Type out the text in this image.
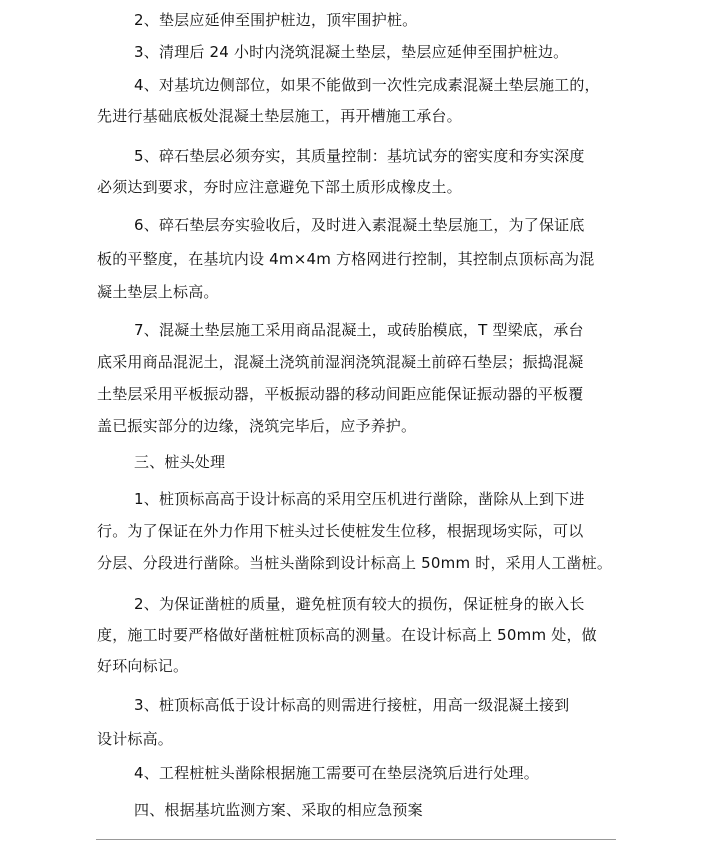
2、垫层应延伸至围护桩边，顶牢围护桩。
3、清理后 24 小时内浇筑混凝土垫层，垫层应延伸至围护桩边。
4、对基坑边侧部位，如果不能做到一次性完成素混凝土垫层施工的，
先进行基础底板处混凝土垫层施工，再开槽施工承台。
5、碎石垫层必须夯实，其质量控制：基坑试夯的密实度和夯实深度
必须达到要求，夯时应注意避免下部土质形成橡皮土。
6、碎石垫层夯实验收后，及时进入素混凝土垫层施工，为了保证底
板的平整度，在基坑内设 4m×4m 方格网进行控制，其控制点顶标高为混
凝土垫层上标高。
7、混凝土垫层施工采用商品混凝土，或砖胎模底，T 型梁底，承台
底采用商品混泥土，混凝土浇筑前湿润浇筑混凝土前碎石垫层；振捣混凝
土垫层采用平板振动器，平板振动器的移动间距应能保证振动器的平板覆
盖已振实部分的边缘，浇筑完毕后，应予养护。
三、桩头处理
1、桩顶标高高于设计标高的采用空压机进行凿除，凿除从上到下进
行。为了保证在外力作用下桩头过长使桩发生位移，根据现场实际，可以
分层、分段进行凿除。当桩头凿除到设计标高上 50mm 时，采用人工凿桩。
2、为保证凿桩的质量，避免桩顶有较大的损伤，保证桩身的嵌入长
度，施工时要严格做好凿桩桩顶标高的测量。在设计标高上 50mm 处，做
好环向标记。
3、桩顶标高低于设计标高的则需进行接桩，用高一级混凝土接到
设计标高。
4、工程桩桩头凿除根据施工需要可在垫层浇筑后进行处理。
四、根据基坑监测方案、采取的相应急预案
